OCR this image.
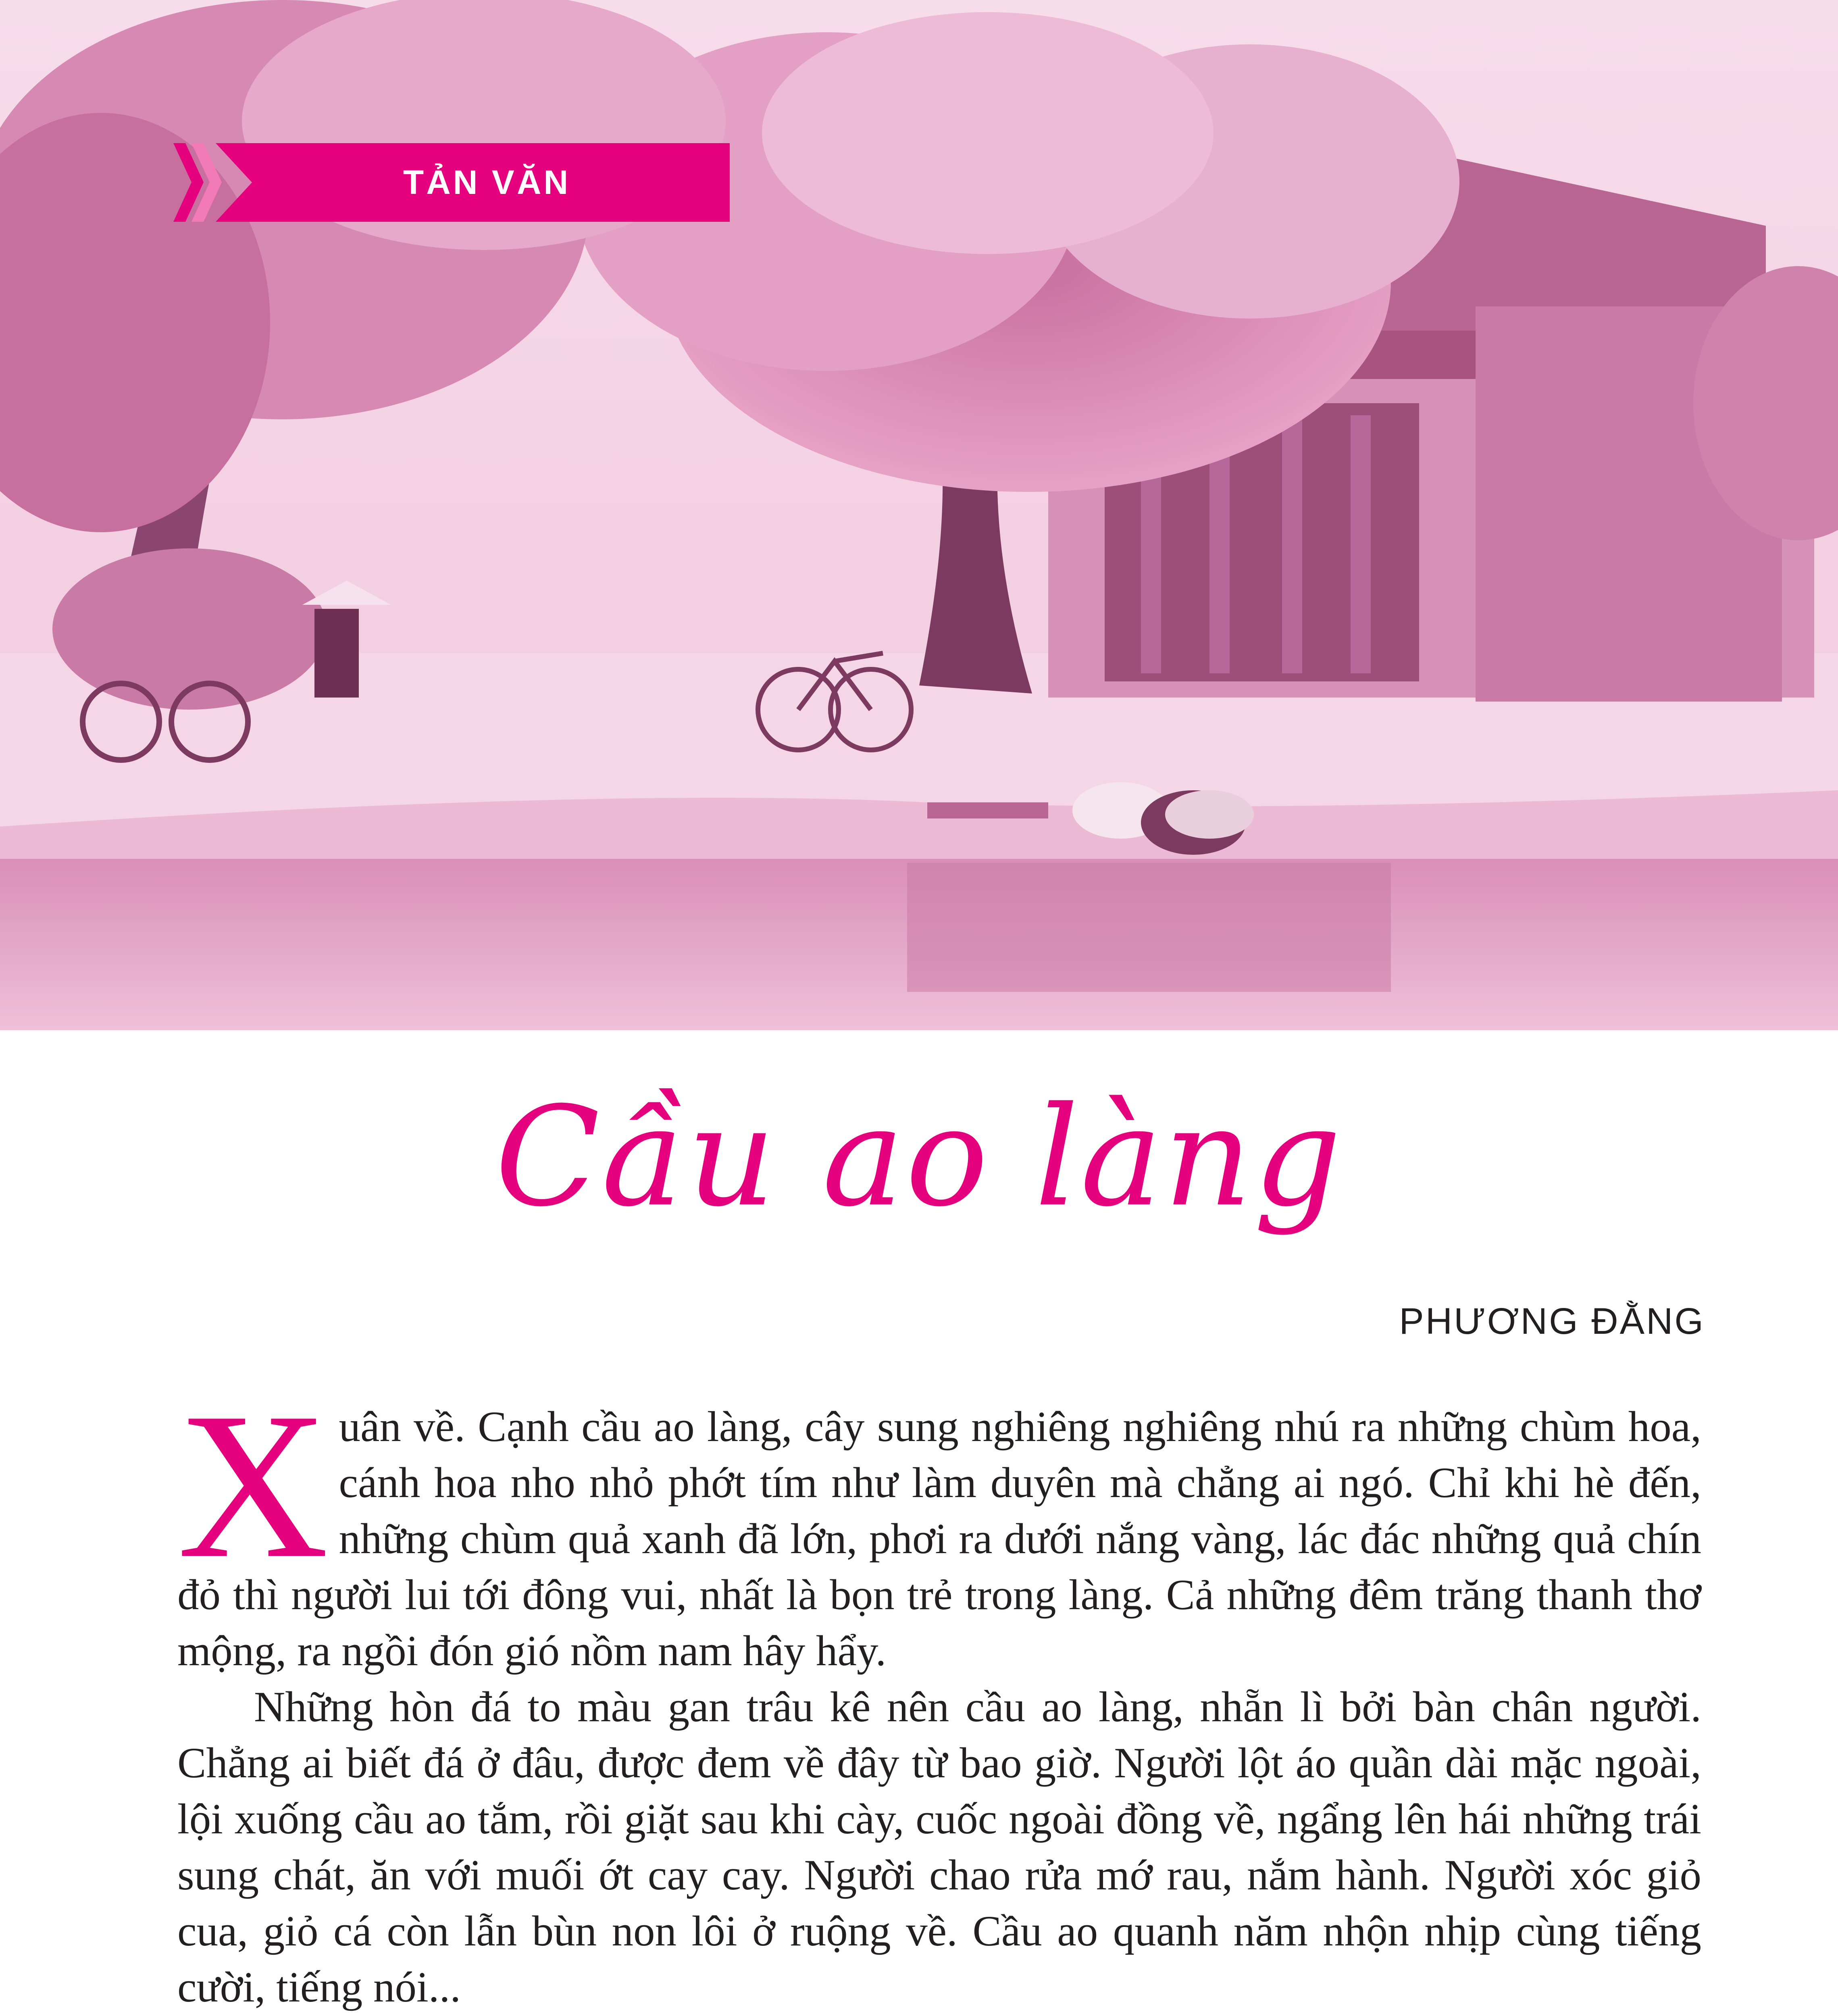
TẢN VĂN
Cầu ao làng
PHƯƠNG ĐẰNG

Xuân về. Cạnh cầu ao làng, cây sung nghiêng nghiêng nhú ra những chùm hoa, cánh hoa nho nhỏ phớt tím như làm duyên mà chẳng ai ngó. Chỉ khi hè đến, những chùm quả xanh đã lớn, phơi ra dưới nắng vàng, lác đác những quả chín đỏ thì người lui tới đông vui, nhất là bọn trẻ trong làng. Cả những đêm trăng thanh thơ mộng, ra ngồi đón gió nồm nam hây hẩy.

Những hòn đá to màu gan trâu kê nên cầu ao làng, nhẵn lì bởi bàn chân người. Chẳng ai biết đá ở đâu, được đem về đây từ bao giờ. Người lột áo quần dài mặc ngoài, lội xuống cầu ao tắm, rồi giặt sau khi cày, cuốc ngoài đồng về, ngẩng lên hái những trái sung chát, ăn với muối ớt cay cay. Người chao rửa mớ rau, nắm hành. Người xóc giỏ cua, giỏ cá còn lẫn bùn non lôi ở ruộng về. Cầu ao quanh năm nhộn nhịp cùng tiếng cười, tiếng nói...
